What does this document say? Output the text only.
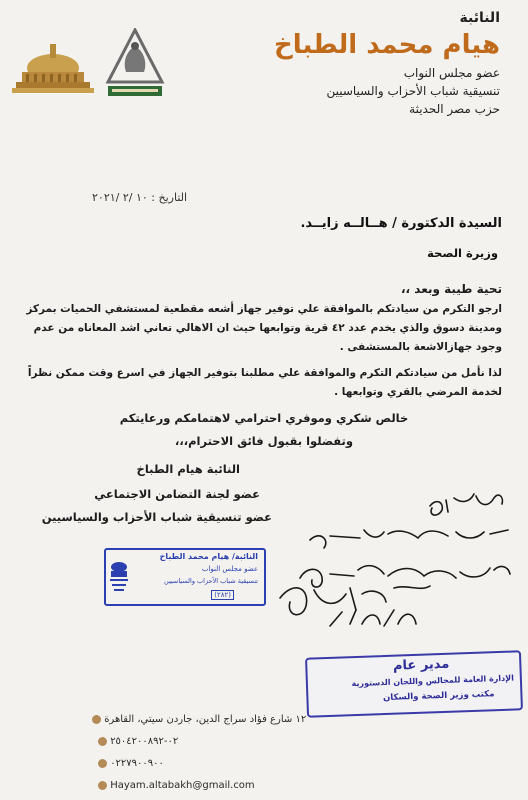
النائبة
هيام محمد الطباخ
عضو مجلس النواب
تنسيقية شباب الأحزاب والسياسيين
حزب مصر الحديثة
التاريخ : ١٠ /٢ /٢٠٢١
السيدة الدكتورة / هــالــه زايــد.
وزيرة الصحة
تحية طيبة وبعد ،،
ارجو التكرم من سيادتكم بالموافقة علي توفير جهاز أشعه مقطعية لمستشفي الحميات بمركز
ومدينة دسوق والذي يخدم عدد ٤٢ قرية وتوابعها حيث ان الاهالي تعاني اشد المعاناه من عدم
وجود جهازالاشعة بالمستشفى .
لذا نأمل من سيادتكم التكرم والموافقة علي مطلبنا بتوفير الجهاز في اسرع وقت ممكن نظراً
لخدمة المرضي بالقري وتوابعها .
خالص شكري وموفري احترامي لاهتمامكم ورعايتكم
وتفضلوا بقبول فائق الاحترام،،،
النائبة هيام الطباخ
عضو لجنة التضامن الاجتماعي
عضو تنسيقية شباب الأحزاب والسياسيين
النائبة/ هيام محمد الطباخ
عضو مجلس النواب
تنسيقية شباب الأحزاب والسياسيين
(٢٨٢)
مدير عام
الإدارة العامة للمجالس واللجان الدستورية
مكتب وزير الصحة والسكان
١٢ شارع فؤاد سراج الدين، جاردن سيتي، القاهرة
٠٢-٢٥٠٤٢٠٠٨٩٢
٠٢٢٧٩٠٠٩٠٠
Hayam.altabakh@gmail.com
